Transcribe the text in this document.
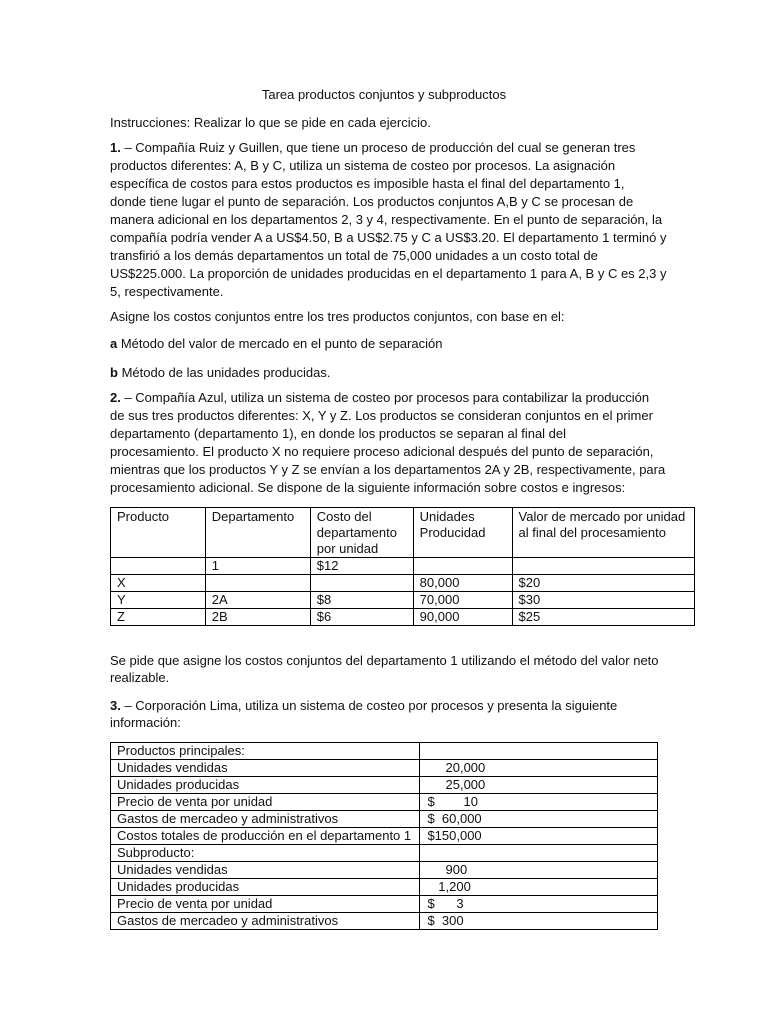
Tarea productos conjuntos y subproductos
Instrucciones: Realizar lo que se pide en cada ejercicio.
1. – Compañía Ruiz y Guillen, que tiene un proceso de producción del cual se generan tres
productos diferentes: A, B y C, utiliza un sistema de costeo por procesos. La asignación
específica de costos para estos productos es imposible hasta el final del departamento 1,
donde tiene lugar el punto de separación. Los productos conjuntos A,B y C se procesan de
manera adicional en los departamentos 2, 3 y 4, respectivamente. En el punto de separación, la
compañía podría vender A a US$4.50, B a US$2.75 y C a US$3.20. El departamento 1 terminó y
transfirió a los demás departamentos un total de 75,000 unidades a un costo total de
US$225.000. La proporción de unidades producidas en el departamento 1 para A, B y C es 2,3 y
5, respectivamente.
Asigne los costos conjuntos entre los tres productos conjuntos, con base en el:
a Método del valor de mercado en el punto de separación
b Método de las unidades producidas.
2. – Compañía Azul, utiliza un sistema de costeo por procesos para contabilizar la producción
de sus tres productos diferentes: X, Y y Z. Los productos se consideran conjuntos en el primer
departamento (departamento 1), en donde los productos se separan al final del
procesamiento. El producto X no requiere proceso adicional después del punto de separación,
mientras que los productos Y y Z se envían a los departamentos 2A y 2B, respectivamente, para
procesamiento adicional. Se dispone de la siguiente información sobre costos e ingresos:
Producto	Departamento	Costo del departamento por unidad	Unidades Producidad	Valor de mercado por unidad al final del procesamiento
	1	$12		
X			80,000	$20
Y	2A	$8	70,000	$30
Z	2B	$6	90,000	$25
Se pide que asigne los costos conjuntos del departamento 1 utilizando el método del valor neto
realizable.
3. – Corporación Lima, utiliza un sistema de costeo por procesos y presenta la siguiente
información:
Productos principales:	
Unidades vendidas	20,000
Unidades producidas	25,000
Precio de venta por unidad	$        10
Gastos de mercadeo y administrativos	$  60,000
Costos totales de producción en el departamento 1	$150,000
Subproducto:	
Unidades vendidas	900
Unidades producidas	1,200
Precio de venta por unidad	$      3
Gastos de mercadeo y administrativos	$  300
